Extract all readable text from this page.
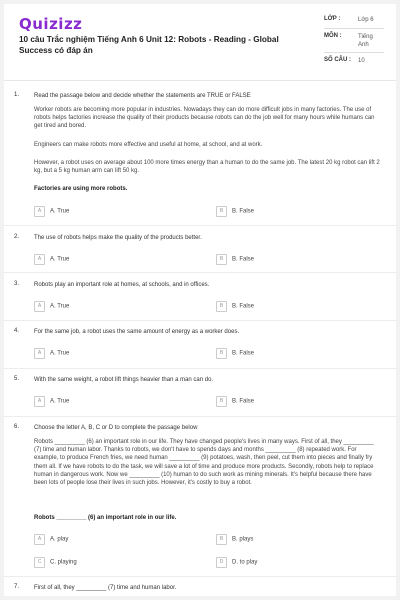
Quizizz
10 câu Trắc nghiệm Tiếng Anh 6 Unit 12: Robots - Reading - Global Success có đáp án
LỚP :	Lớp 6
MÔN :	Tiếng Anh
SỐ CÂU : 10
1. Read the passage below and decide whether the statements are TRUE or FALSE
Worker robots are becoming more popular in industries. Nowadays they can do more difficult jobs in many factories. The use of robots helps factories increase the quality of their products because robots can do the job well for many hours while humans can get tired and bored.
Engineers can make robots more effective and useful at home, at school, and at work.
However, a robot uses on average about 100 more times energy than a human to do the same job. The latest 20 kg robot can lift 2 kg, but a 5 kg human arm can lift 50 kg.
Factories are using more robots.
A A. True	B B. False
2. The use of robots helps make the quality of the products better.
A A. True	B B. False
3. Robots play an important role at homes, at schools, and in offices.
A A. True	B B. False
4. For the same job, a robot uses the same amount of energy as a worker does.
A A. True	B B. False
5. With the same weight, a robot lift things heavier than a man can do.
A A. True	B B. False
6. Choose the letter A, B, C or D to complete the passage below
Robots _________ (6) an important role in our life. They have changed people's lives in many ways. First of all, they _________ (7) time and human labor. Thanks to robots, we don't have to spends days and months _________ (8) repeated work. For example, to produce French fries, we need human _________ (9) potatoes, wash, then peel, cut them into pieces and finally fry them all. If we have robots to do the task, we will save a lot of time and produce more products. Secondly, robots help to replace human in dangerous work. Now we _________ (10) human to do such work as mining minerals. It's helpful because there have been lots of people lose their lives in such jobs. However, it's costly to buy a robot.
Robots _________ (6) an important role in our life.
A A. play	B B. plays
C C. playing	D D. to play
7. First of all, they _________ (7) time and human labor.
